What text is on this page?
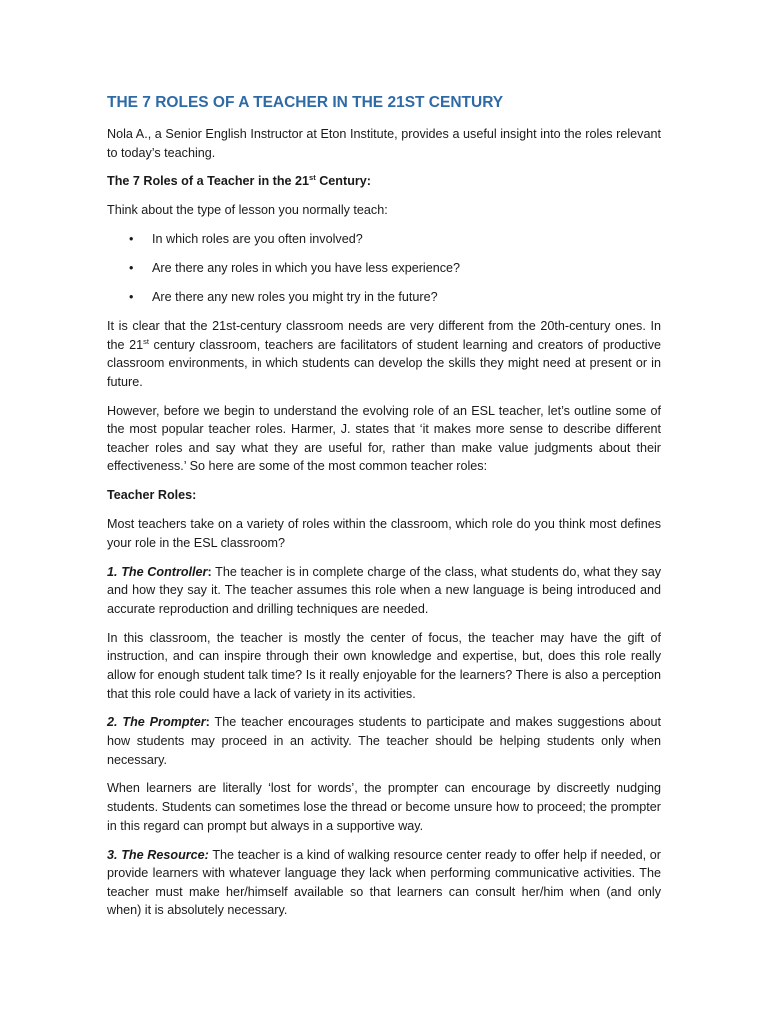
THE 7 ROLES OF A TEACHER IN THE 21ST CENTURY

Nola A., a Senior English Instructor at Eton Institute, provides a useful insight into the roles relevant to today’s teaching.

The 7 Roles of a Teacher in the 21st Century:

Think about the type of lesson you normally teach:

• In which roles are you often involved?
• Are there any roles in which you have less experience?
• Are there any new roles you might try in the future?

It is clear that the 21st-century classroom needs are very different from the 20th-century ones. In the 21st century classroom, teachers are facilitators of student learning and creators of productive classroom environments, in which students can develop the skills they might need at present or in future.

However, before we begin to understand the evolving role of an ESL teacher, let’s outline some of the most popular teacher roles. Harmer, J. states that ‘it makes more sense to describe different teacher roles and say what they are useful for, rather than make value judgments about their effectiveness.’ So here are some of the most common teacher roles:

Teacher Roles:

Most teachers take on a variety of roles within the classroom, which role do you think most defines your role in the ESL classroom?

1. The Controller: The teacher is in complete charge of the class, what students do, what they say and how they say it. The teacher assumes this role when a new language is being introduced and accurate reproduction and drilling techniques are needed.

In this classroom, the teacher is mostly the center of focus, the teacher may have the gift of instruction, and can inspire through their own knowledge and expertise, but, does this role really allow for enough student talk time? Is it really enjoyable for the learners? There is also a perception that this role could have a lack of variety in its activities.

2. The Prompter: The teacher encourages students to participate and makes suggestions about how students may proceed in an activity. The teacher should be helping students only when necessary.

When learners are literally ‘lost for words’, the prompter can encourage by discreetly nudging students. Students can sometimes lose the thread or become unsure how to proceed; the prompter in this regard can prompt but always in a supportive way.

3. The Resource: The teacher is a kind of walking resource center ready to offer help if needed, or provide learners with whatever language they lack when performing communicative activities. The teacher must make her/himself available so that learners can consult her/him when (and only when) it is absolutely necessary.
